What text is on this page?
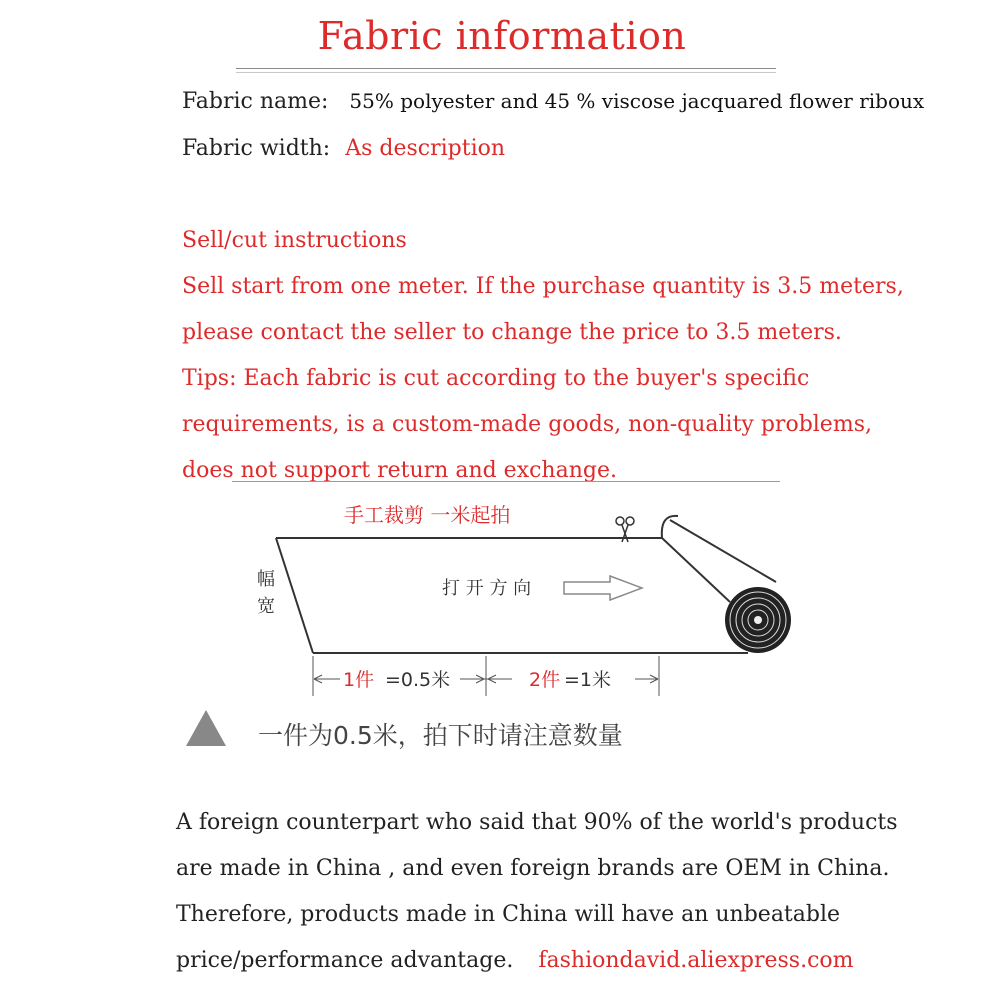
Fabric information
Fabric name: 55% polyester and 45 % viscose jacquared flower riboux
Fabric width: As description
Sell/cut instructions
Sell start from one meter. If the purchase quantity is 3.5 meters,
please contact the seller to change the price to 3.5 meters.
Tips: Each fabric is cut according to the buyer's specific
requirements, is a custom-made goods, non-quality problems,
does not support return and exchange.
手工裁剪 一米起拍
幅
宽
打 开 方 向
1件 =0.5米	2件 =1米
一件为0.5米，拍下时请注意数量
A foreign counterpart who said that 90% of the world's products
are made in China , and even foreign brands are OEM in China.
Therefore, products made in China will have an unbeatable
price/performance advantage. fashiondavid.aliexpress.com
